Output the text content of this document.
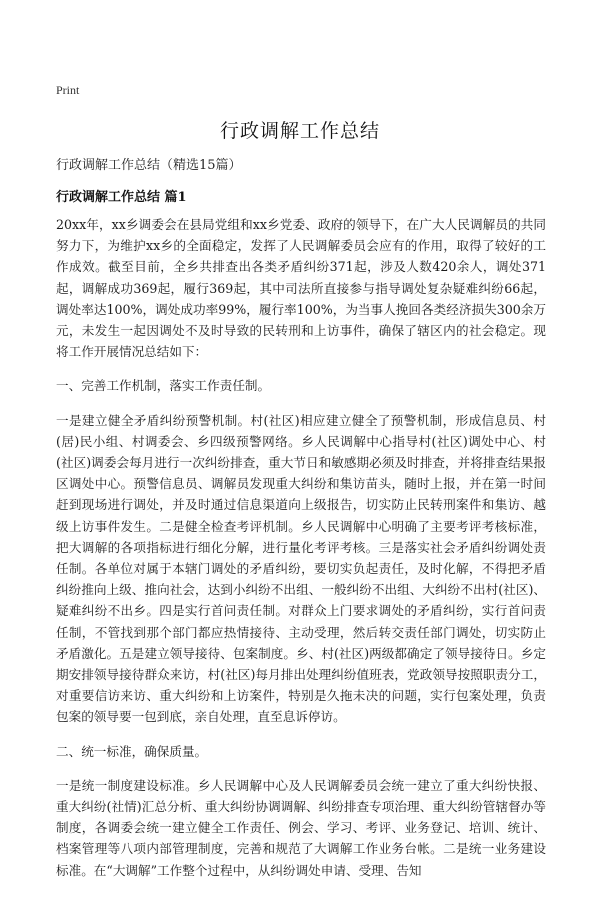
Print
行政调解工作总结

行政调解工作总结（精选15篇）

行政调解工作总结 篇1

20xx年，xx乡调委会在县局党组和xx乡党委、政府的领导下，在广大人民调解员的共同努力下，为维护xx乡的全面稳定，发挥了人民调解委员会应有的作用，取得了较好的工作成效。截至目前，全乡共排查出各类矛盾纠纷371起，涉及人数420余人，调处371起，调解成功369起，履行369起，其中司法所直接参与指导调处复杂疑难纠纷66起，调处率达100%，调处成功率99%，履行率100%，为当事人挽回各类经济损失300余万元，未发生一起因调处不及时导致的民转刑和上访事件，确保了辖区内的社会稳定。现将工作开展情况总结如下：

一、完善工作机制，落实工作责任制。

一是建立健全矛盾纠纷预警机制。村(社区)相应建立健全了预警机制，形成信息员、村(居)民小组、村调委会、乡四级预警网络。乡人民调解中心指导村(社区)调处中心、村(社区)调委会每月进行一次纠纷排查，重大节日和敏感期必须及时排查，并将排查结果报区调处中心。预警信息员、调解员发现重大纠纷和集访苗头，随时上报，并在第一时间赶到现场进行调处，并及时通过信息渠道向上级报告，切实防止民转刑案件和集访、越级上访事件发生。二是健全检查考评机制。乡人民调解中心明确了主要考评考核标准，把大调解的各项指标进行细化分解，进行量化考评考核。三是落实社会矛盾纠纷调处责任制。各单位对属于本辖门调处的矛盾纠纷，要切实负起责任，及时化解，不得把矛盾纠纷推向上级、推向社会，达到小纠纷不出组、一般纠纷不出组、大纠纷不出村(社区)、疑难纠纷不出乡。四是实行首问责任制。对群众上门要求调处的矛盾纠纷，实行首问责任制，不管找到那个部门都应热情接待、主动受理，然后转交责任部门调处，切实防止矛盾激化。五是建立领导接待、包案制度。乡、村(社区)两级都确定了领导接待日。乡定期安排领导接待群众来访，村(社区)每月排出处理纠纷值班表，党政领导按照职责分工，对重要信访来访、重大纠纷和上访案件，特别是久拖未决的问题，实行包案处理，负责包案的领导要一包到底，亲自处理，直至息诉停访。

二、统一标准，确保质量。

一是统一制度建设标准。乡人民调解中心及人民调解委员会统一建立了重大纠纷快报、重大纠纷(社情)汇总分析、重大纠纷协调调解、纠纷排查专项治理、重大纠纷管辖督办等制度，各调委会统一建立健全工作责任、例会、学习、考评、业务登记、培训、统计、档案管理等八项内部管理制度，完善和规范了大调解工作业务台帐。二是统一业务建设标准。在“大调解”工作整个过程中，从纠纷调处申请、受理、告知
